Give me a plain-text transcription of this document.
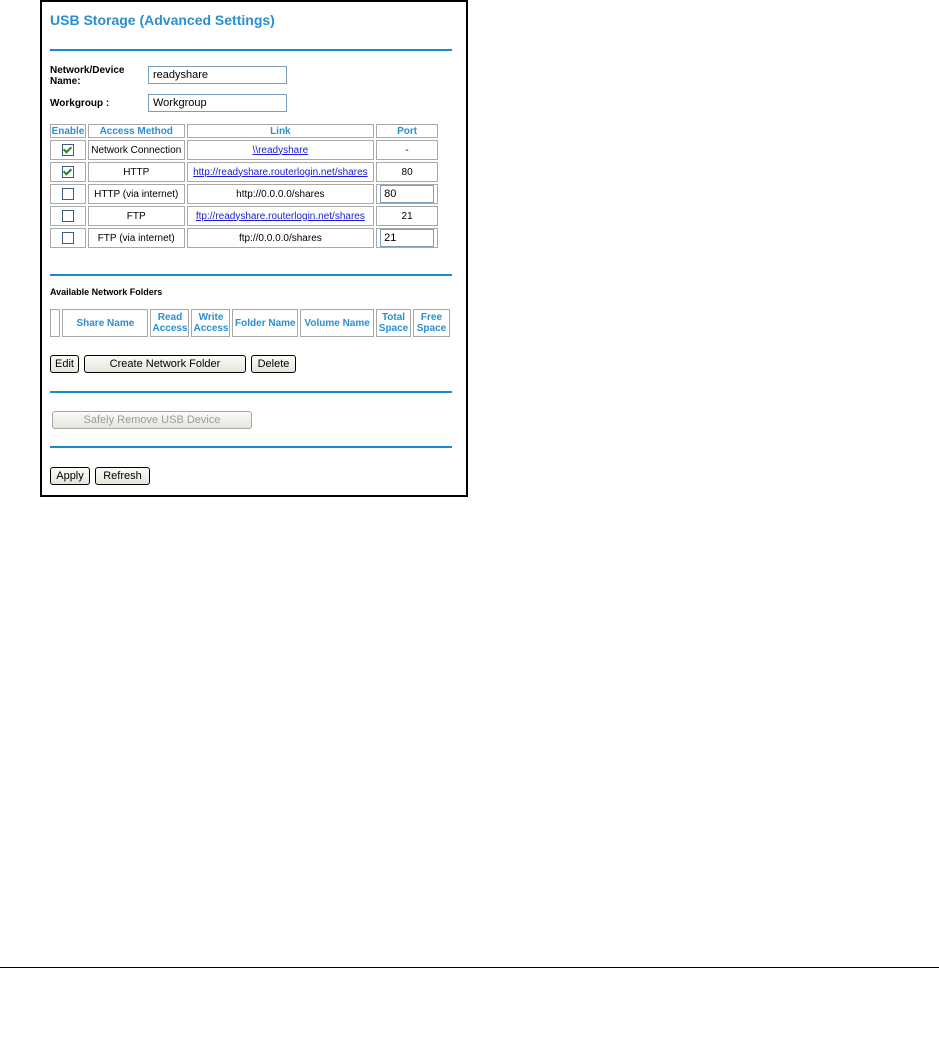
USB Storage (Advanced Settings)
Network/Device Name:
readyshare
Workgroup :
Workgroup
Enable	Access Method	Link	Port
	Network Connection	\\readyshare	-
	HTTP	http://readyshare.routerlogin.net/shares	80
	HTTP (via internet)	http://0.0.0.0/shares	80
	FTP	ftp://readyshare.routerlogin.net/shares	21
	FTP (via internet)	ftp://0.0.0.0/shares	21
Available Network Folders
	Share Name	Read Access	Write Access	Folder Name	Volume Name	Total Space	Free Space
Edit	Create Network Folder	Delete
Safely Remove USB Device
Apply	Refresh
